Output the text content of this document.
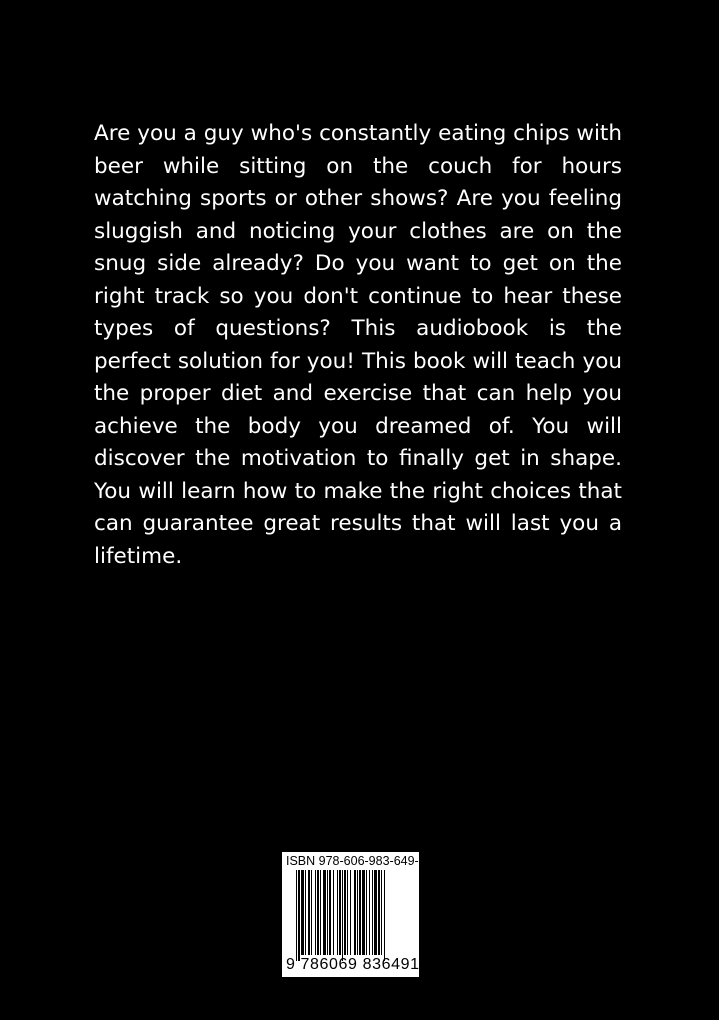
Are you a guy who's constantly eating chips with beer while sitting on the couch for hours watching sports or other shows? Are you feeling sluggish and noticing your clothes are on the snug side already? Do you want to get on the right track so you don't continue to hear these types of questions? This audiobook is the perfect solution for you! This book will teach you the proper diet and exercise that can help you achieve the body you dreamed of. You will discover the motivation to finally get in shape. You will learn how to make the right choices that can guarantee great results that will last you a lifetime.

ISBN 978-606-983-649-1
9 786069 836491
